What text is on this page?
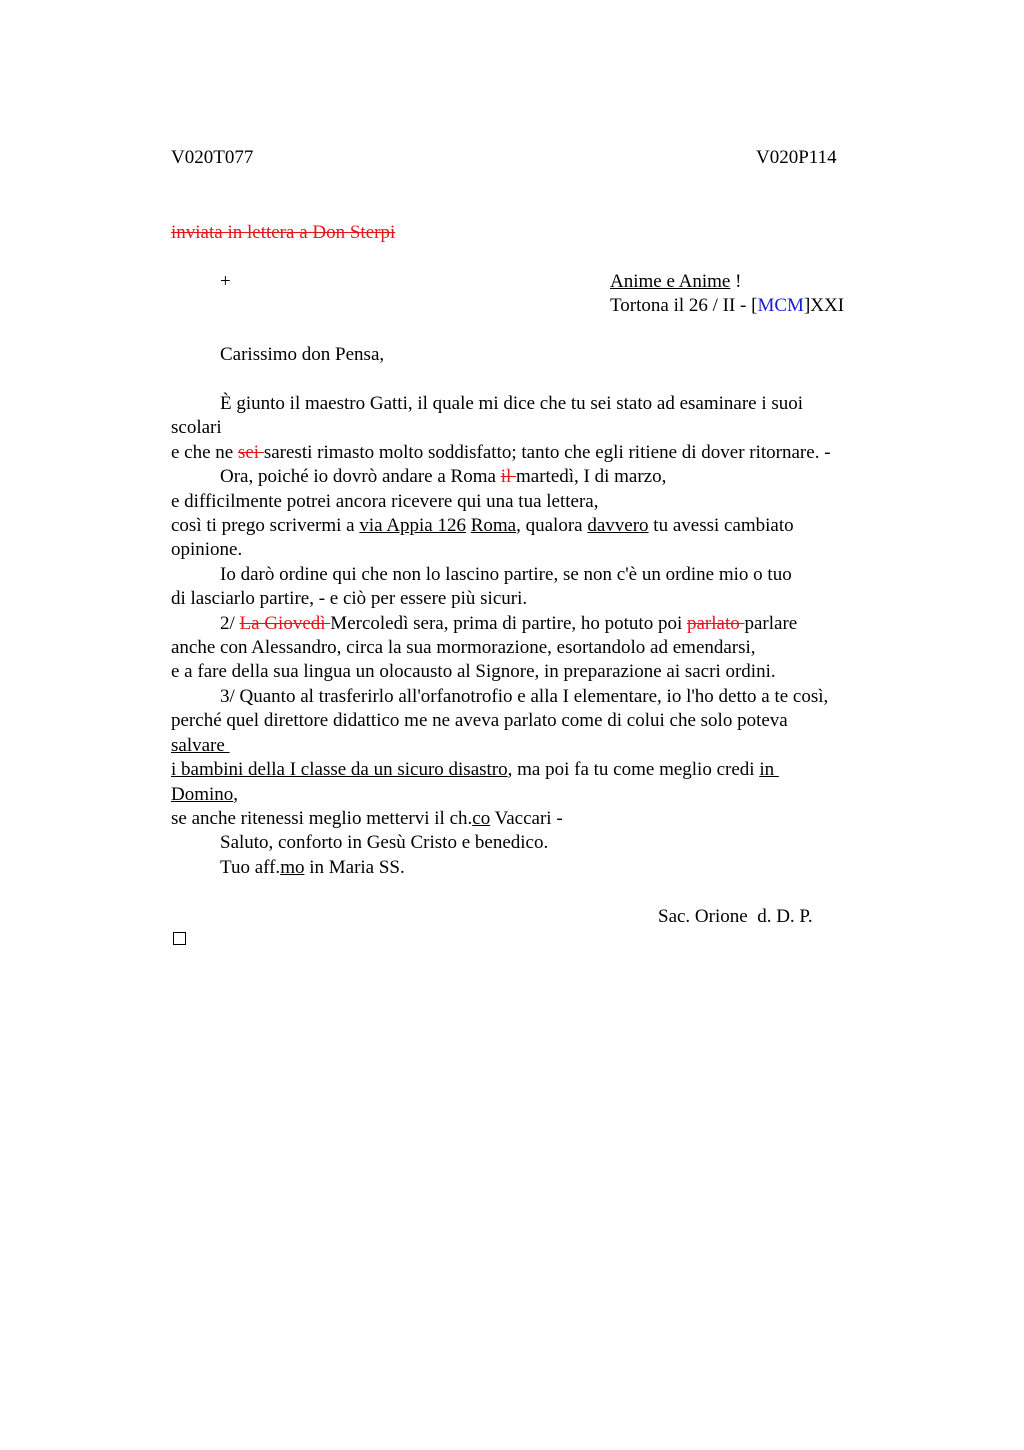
V020T077	V020P114
inviata in lettera a Don Sterpi
+	Anime e Anime !
Tortona il 26 / II - [MCM]XXI
Carissimo don Pensa,
È giunto il maestro Gatti, il quale mi dice che tu sei stato ad esaminare i suoi
scolari
e che ne sei saresti rimasto molto soddisfatto; tanto che egli ritiene di dover ritornare. -
Ora, poiché io dovrò andare a Roma il martedì, I di marzo,
e difficilmente potrei ancora ricevere qui una tua lettera,
così ti prego scrivermi a via Appia 126 Roma, qualora davvero tu avessi cambiato
opinione.
Io darò ordine qui che non lo lascino partire, se non c'è un ordine mio o tuo
di lasciarlo partire, - e ciò per essere più sicuri.
2/ La Giovedì Mercoledì sera, prima di partire, ho potuto poi parlato parlare
anche con Alessandro, circa la sua mormorazione, esortandolo ad emendarsi,
e a fare della sua lingua un olocausto al Signore, in preparazione ai sacri ordini.
3/ Quanto al trasferirlo all'orfanotrofio e alla I elementare, io l'ho detto a te così,
perché quel direttore didattico me ne aveva parlato come di colui che solo poteva
salvare
i bambini della I classe da un sicuro disastro, ma poi fa tu come meglio credi in
Domino,
se anche ritenessi meglio mettervi il ch.co Vaccari -
Saluto, conforto in Gesù Cristo e benedico.
Tuo aff.mo in Maria SS.
Sac. Orione  d. D. P.
